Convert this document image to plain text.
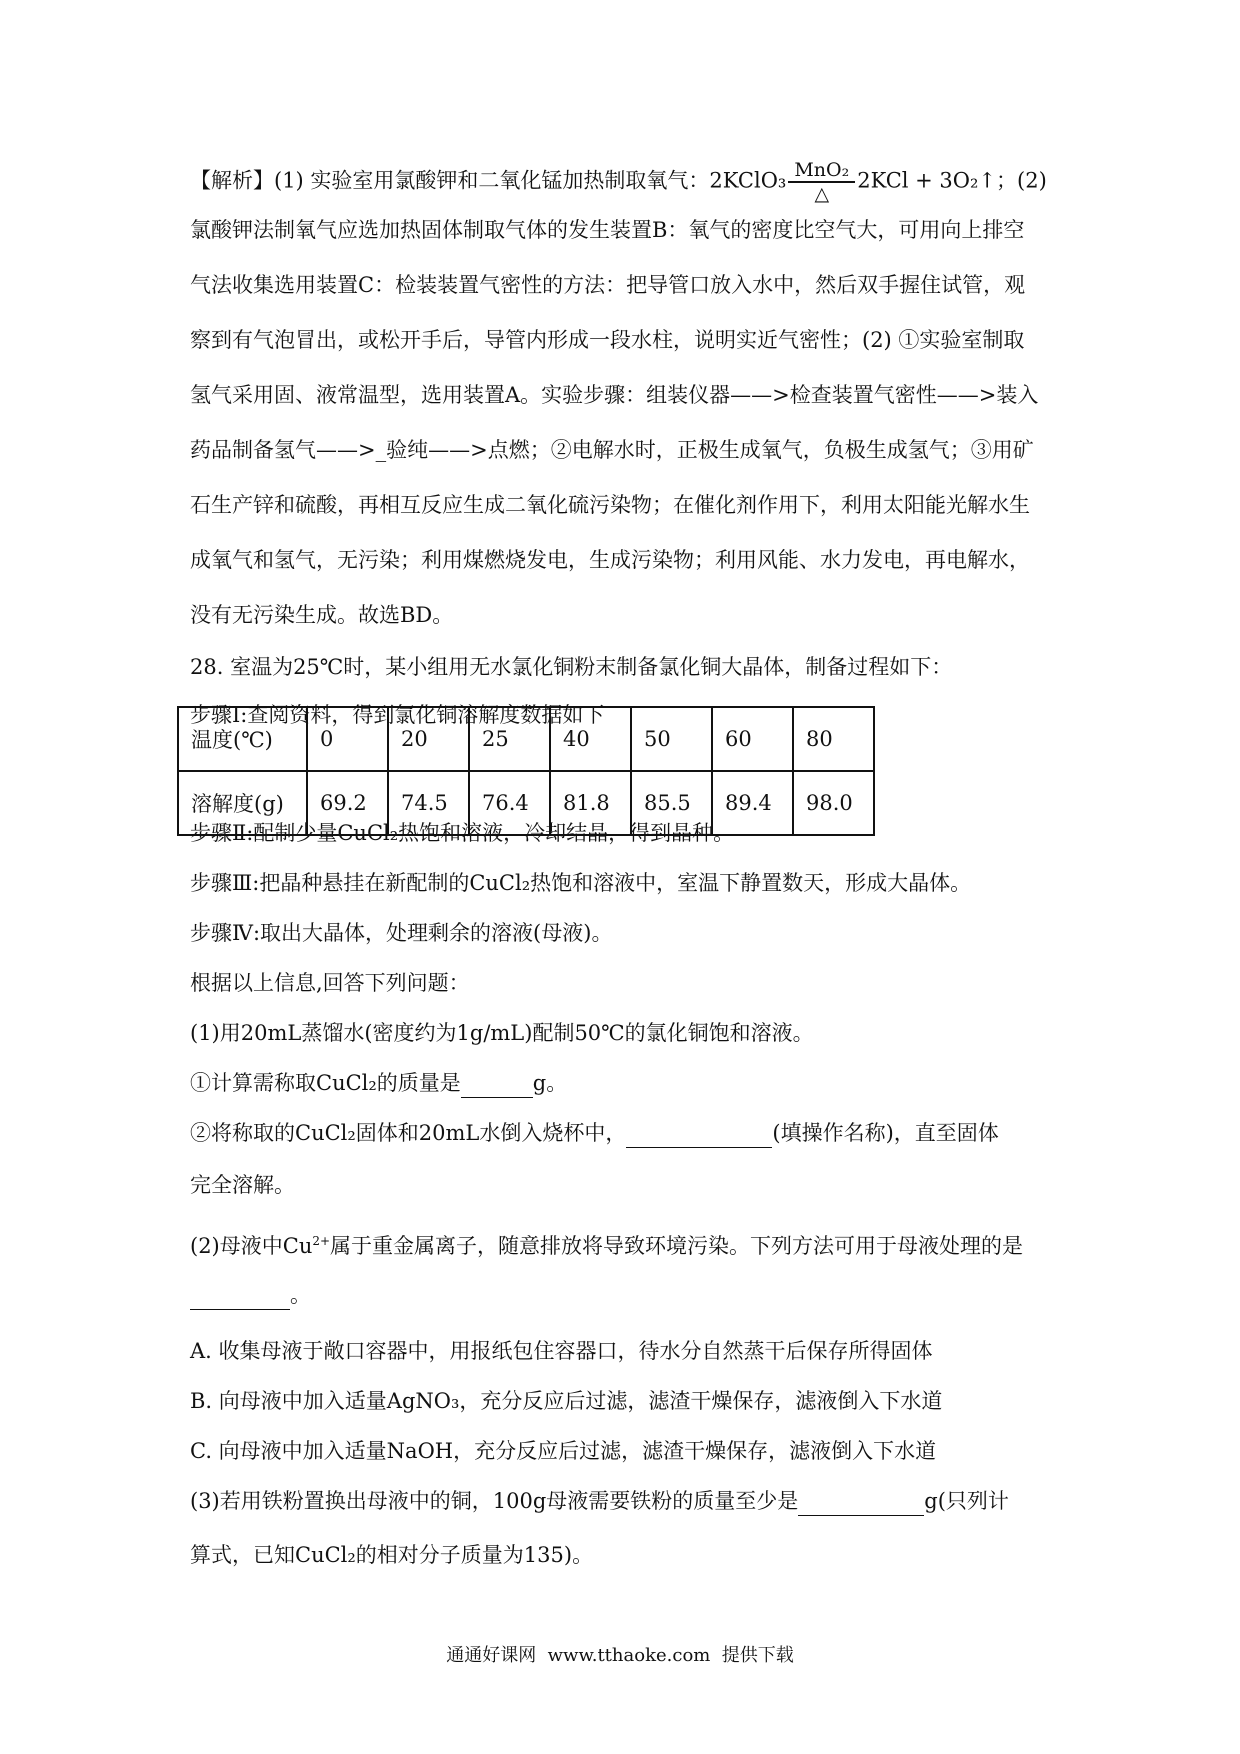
【解析】(1) 实验室用氯酸钾和二氧化锰加热制取氧气：2KClO₃ $\frac{\text{MnO₂}}{\triangle} 2KCl$ + 3O₂↑；(2)
氯酸钾法制氧气应选加热固体制取气体的发生装置B：氧气的密度比空气大，可用向上排空
气法收集选用装置C：检装装置气密性的方法：把导管口放入水中，然后双手握住试管，观
察到有气泡冒出，或松开手后，导管内形成一段水柱，说明实近气密性；(2) ①实验室制取
氢气采用固、液常温型，选用装置A。实验步骤：组装仪器——>检查装置气密性——>装入
药品制备氢气——>_验纯——>点燃；②电解水时，正极生成氧气，负极生成氢气；③用矿
石生产锌和硫酸，再相互反应生成二氧化硫污染物；在催化剂作用下，利用太阳能光解水生
成氧气和氢气，无污染；利用煤燃烧发电，生成污染物；利用风能、水力发电，再电解水，
没有无污染生成。故选BD。
28. 室温为25℃时，某小组用无水氯化铜粉末制备氯化铜大晶体，制备过程如下：
步骤Ⅰ:查阅资料，得到氯化铜溶解度数据如下
步骤Ⅱ:配制少量CuCl₂热饱和溶液，冷却结晶，得到晶种。
步骤Ⅲ:把晶种悬挂在新配制的CuCl₂热饱和溶液中，室温下静置数天，形成大晶体。
步骤Ⅳ:取出大晶体，处理剩余的溶液(母液)。
根据以上信息,回答下列问题：
(1)用20mL蒸馏水(密度约为1g/mL)配制50℃的氯化铜饱和溶液。
①计算需称取CuCl₂的质量是	g。
②将称取的CuCl₂固体和20mL水倒入烧杯中，	(填操作名称)，直至固体
完全溶解。
(2)母液中$Cu^{2+}$属于重金属离子，随意排放将导致环境污染。下列方法可用于母液处理的是
。
A. 收集母液于敞口容器中，用报纸包住容器口，待水分自然蒸干后保存所得固体
B. 向母液中加入适量AgNO₃，充分反应后过滤，滤渣干燥保存，滤液倒入下水道
C. 向母液中加入适量NaOH，充分反应后过滤，滤渣干燥保存，滤液倒入下水道
(3)若用铁粉置换出母液中的铜，100g母液需要铁粉的质量至少是	g(只列计
算式，已知CuCl₂的相对分子质量为135)。
温度(℃)	0	20	25	40	50	60	80
溶解度(g)	69.2	74.5	76.4	81.8	85.5	89.4	98.0
通通好课网  www.tthaoke.com  提供下载
